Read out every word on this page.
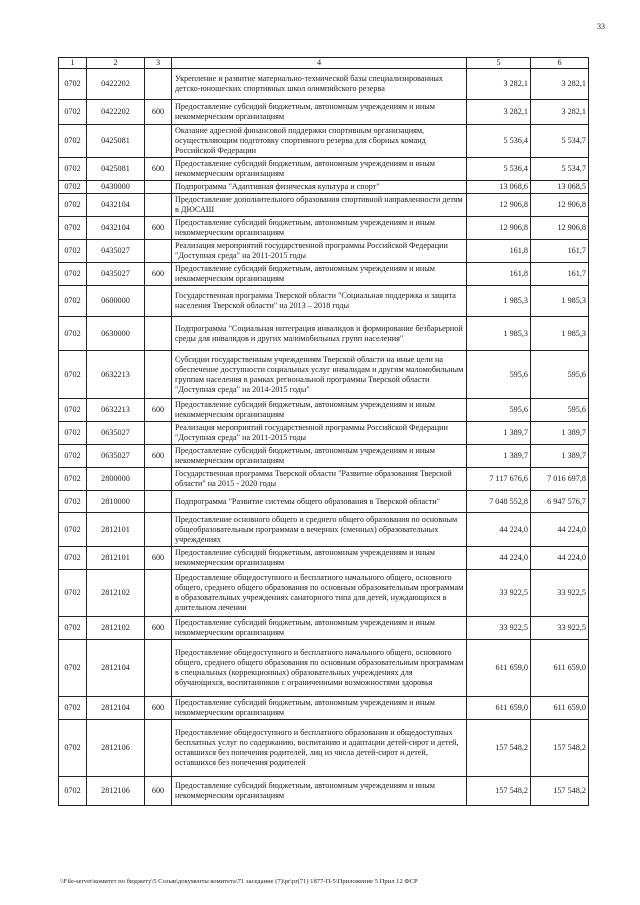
33
1	2	3	4	5	6
0702	0422202		Укрепление и развитие материально-технической базы специализированных детско-юношеских спортивных школ олимпийского резерва	3 282,1	3 282,1
0702	0422202	600	Предоставление субсидий бюджетным, автономным учреждениям и иным некоммерческим организациям	3 282,1	3 282,1
0702	0425081		Оказание адресной финансовой поддержки спортивным организациям, осуществляющим подготовку спортивного резерва для сборных команд Российской Федерации	5 536,4	5 534,7
0702	0425081	600	Предоставление субсидий бюджетным, автономным учреждениям и иным некоммерческим организациям	5 536,4	5 534,7
0702	0430000		Подпрограмма "Адаптивная физическая культура и спорт"	13 068,6	13 068,5
0702	0432104		Предоставление дополнительного образования спортивной направленности детям в ДЮСАШ	12 906,8	12 906,8
0702	0432104	600	Предоставление субсидий бюджетным, автономным учреждениям и иным некоммерческим организациям	12 906,8	12 906,8
0702	0435027		Реализация мероприятий государственной программы Российской Федерации "Доступная среда" на 2011-2015 годы	161,8	161,7
0702	0435027	600	Предоставление субсидий бюджетным, автономным учреждениям и иным некоммерческим организациям	161,8	161,7
0702	0600000		Государственная программа Тверской области "Социальная поддержка и защита населения Тверской области" на 2013 – 2018 годы	1 985,3	1 985,3
0702	0630000		Подпрограмма "Социальная интеграция инвалидов и формирование безбарьерной среды для инвалидов и других маломобильных групп населения"	1 985,3	1 985,3
0702	0632213		Субсидии государственным учреждениям Тверской области на иные цели на обеспечение доступности социальных услуг инвалидам и другим маломобильным группам населения в рамках региональной программы Тверской области "Доступная среда" на 2014-2015 годы"	595,6	595,6
0702	0632213	600	Предоставление субсидий бюджетным, автономным учреждениям и иным некоммерческим организациям	595,6	595,6
0702	0635027		Реализация мероприятий государственной программы Российской Федерации "Доступная среда" на 2011-2015 годы	1 389,7	1 389,7
0702	0635027	600	Предоставление субсидий бюджетным, автономным учреждениям и иным некоммерческим организациям	1 389,7	1 389,7
0702	2800000		Государственная программа Тверской области "Развитие образования Тверской области" на 2015 - 2020 годы	7 117 676,6	7 016 697,8
0702	2810000		Подпрограмма "Развитие системы общего образования в Тверской области"	7 048 552,8	6 947 576,7
0702	2812101		Предоставление основного общего и среднего общего образования по основным общеобразовательным программам в вечерних (сменных) образовательных учреждениях	44 224,0	44 224,0
0702	2812101	600	Предоставление субсидий бюджетным, автономным учреждениям и иным некоммерческим организациям	44 224,0	44 224,0
0702	2812102		Предоставление общедоступного и бесплатного начального общего, основного общего, среднего общего образования по основным образовательным программам в образовательных учреждениях санаторного типа для детей, нуждающихся в длительном лечении	33 922,5	33 922,5
0702	2812102	600	Предоставление субсидий бюджетным, автономным учреждениям и иным некоммерческим организациям	33 922,5	33 922,5
0702	2812104		Предоставление общедоступного и бесплатного начального общего, основного общего, среднего общего образования по основным образовательным программам в специальных (коррекционных) образовательных учреждениях для обучающихся, воспитанников с ограниченными возможностями здоровья	611 659,0	611 659,0
0702	2812104	600	Предоставление субсидий бюджетным, автономным учреждениям и иным некоммерческим организациям	611 659,0	611 659,0
0702	2812106		Предоставление общедоступного и бесплатного образования и общедоступных бесплатных услуг по содержанию, воспитанию и адаптации детей-сирот и детей, оставшихся без попечения родителей, лиц из числа детей-сирот и детей, оставшихся без попечения родителей	157 548,2	157 548,2
0702	2812106	600	Предоставление субсидий бюджетным, автономным учреждениям и иным некоммерческим организациям	157 548,2	157 548,2
\\File-server\комитет по бюджету\5 Созыв\документы комитета\71 заседание (7)\pr\pr(71) 1877-П-5\Приложение 5 Прил 12 ФСР
